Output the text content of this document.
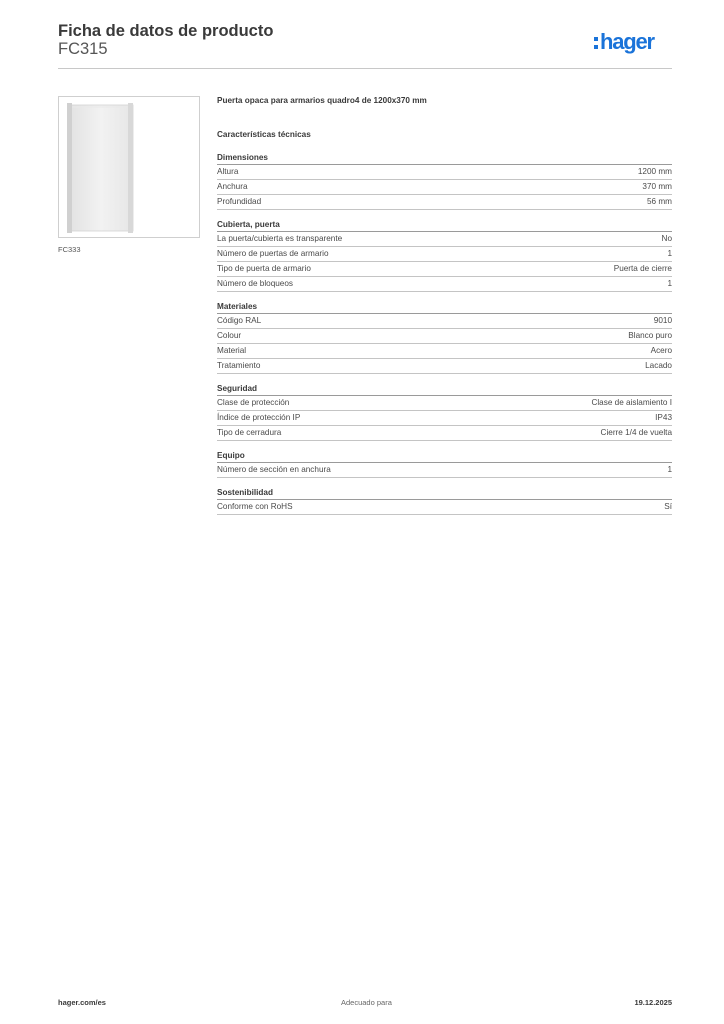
Ficha de datos de producto
FC315	hager
FC333
Puerta opaca para armarios quadro4 de 1200x370 mm
Características técnicas
Dimensiones
Altura	1200 mm
Anchura	370 mm
Profundidad	56 mm
Cubierta, puerta
La puerta/cubierta es transparente	No
Número de puertas de armario	1
Tipo de puerta de armario	Puerta de cierre
Número de bloqueos	1
Materiales
Código RAL	9010
Colour	Blanco puro
Material	Acero
Tratamiento	Lacado
Seguridad
Clase de protección	Clase de aislamiento I
Índice de protección IP	IP43
Tipo de cerradura	Cierre 1/4 de vuelta
Equipo
Número de sección en anchura	1
Sostenibilidad
Conforme con RoHS	Sí
hager.com/es	Adecuado para	19.12.2025
